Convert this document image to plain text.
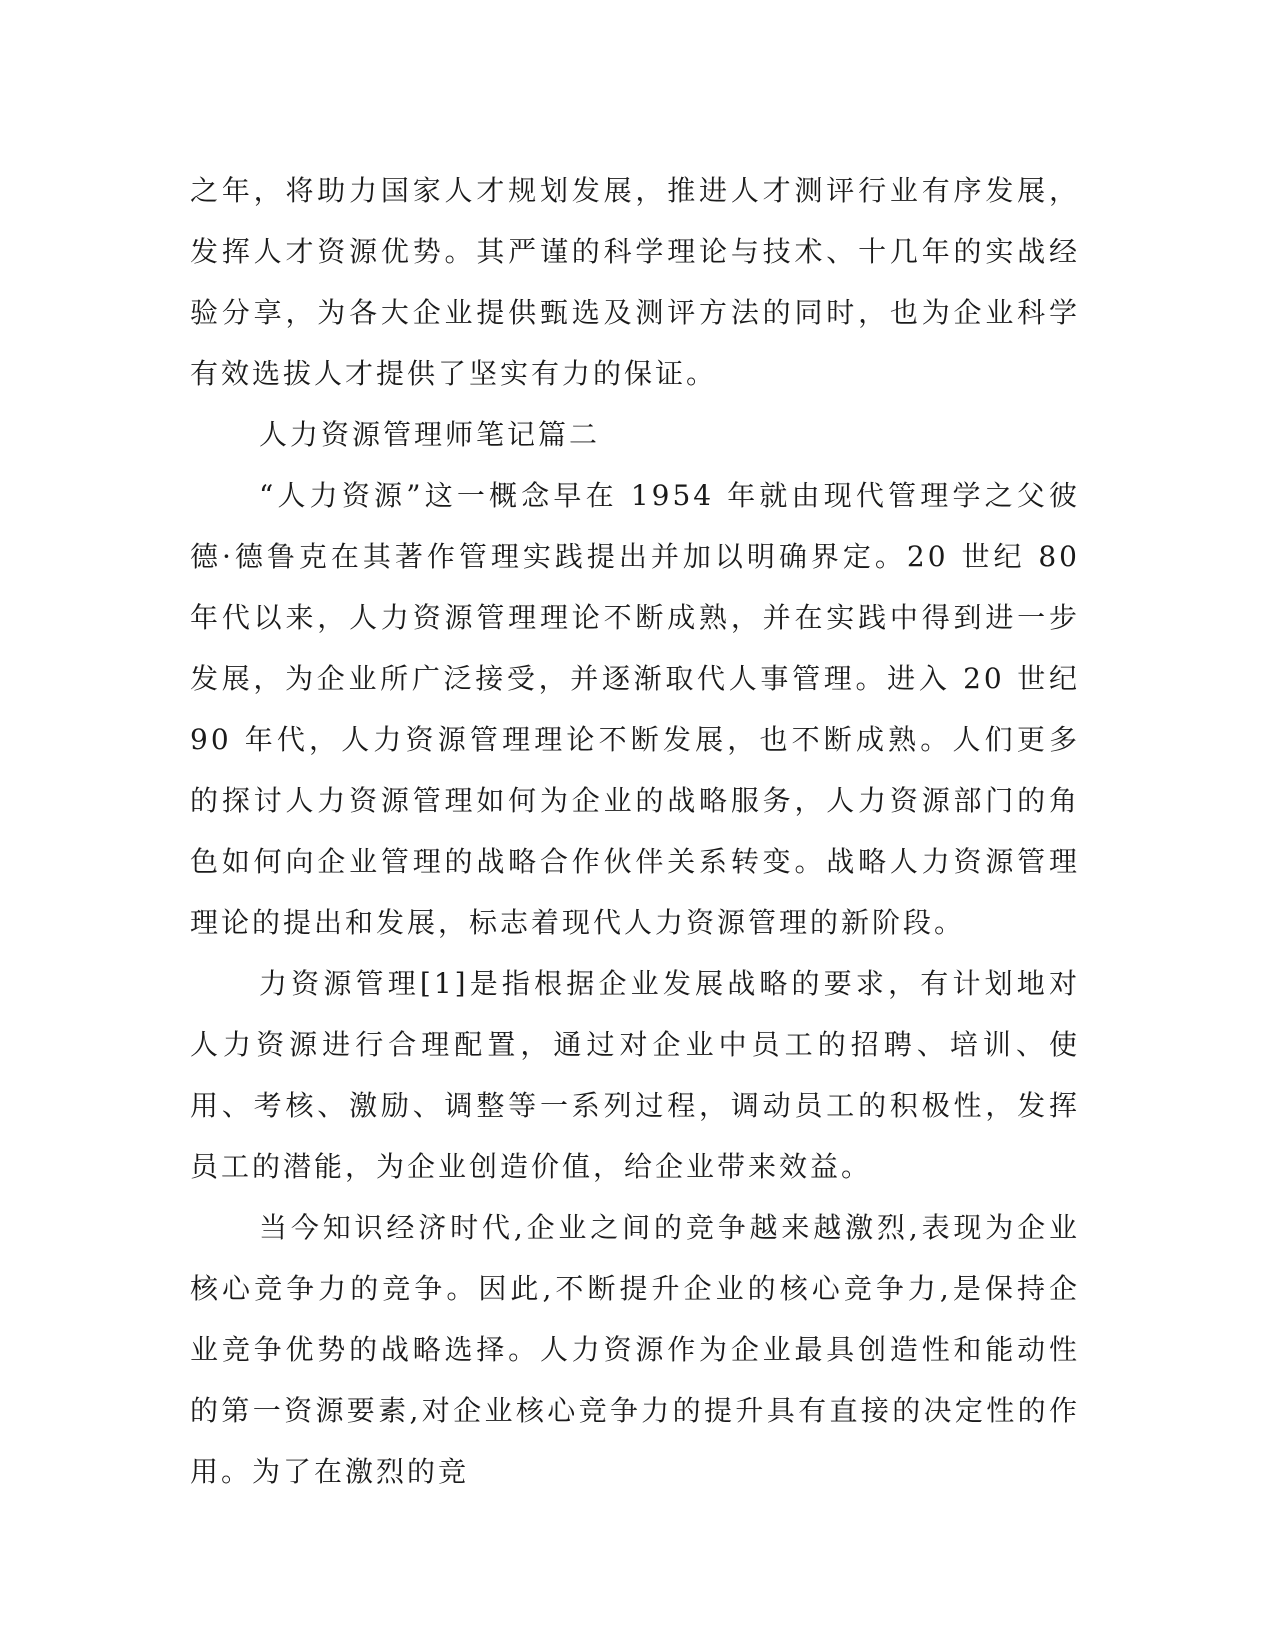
之年，将助力国家人才规划发展，推进人才测评行业有序发展，发挥人才资源优势。其严谨的科学理论与技术、十几年的实战经验分享，为各大企业提供甄选及测评方法的同时，也为企业科学有效选拔人才提供了坚实有力的保证。

人力资源管理师笔记篇二

“人力资源”这一概念早在 1954 年就由现代管理学之父彼德·德鲁克在其著作管理实践提出并加以明确界定。20 世纪 80 年代以来，人力资源管理理论不断成熟，并在实践中得到进一步发展，为企业所广泛接受，并逐渐取代人事管理。进入 20 世纪 90 年代，人力资源管理理论不断发展，也不断成熟。人们更多的探讨人力资源管理如何为企业的战略服务，人力资源部门的角色如何向企业管理的战略合作伙伴关系转变。战略人力资源管理理论的提出和发展，标志着现代人力资源管理的新阶段。

力资源管理[1]是指根据企业发展战略的要求，有计划地对人力资源进行合理配置，通过对企业中员工的招聘、培训、使用、考核、激励、调整等一系列过程，调动员工的积极性，发挥员工的潜能，为企业创造价值，给企业带来效益。

当今知识经济时代,企业之间的竞争越来越激烈,表现为企业核心竞争力的竞争。因此,不断提升企业的核心竞争力,是保持企业竞争优势的战略选择。人力资源作为企业最具创造性和能动性的第一资源要素,对企业核心竞争力的提升具有直接的决定性的作用。为了在激烈的竞
